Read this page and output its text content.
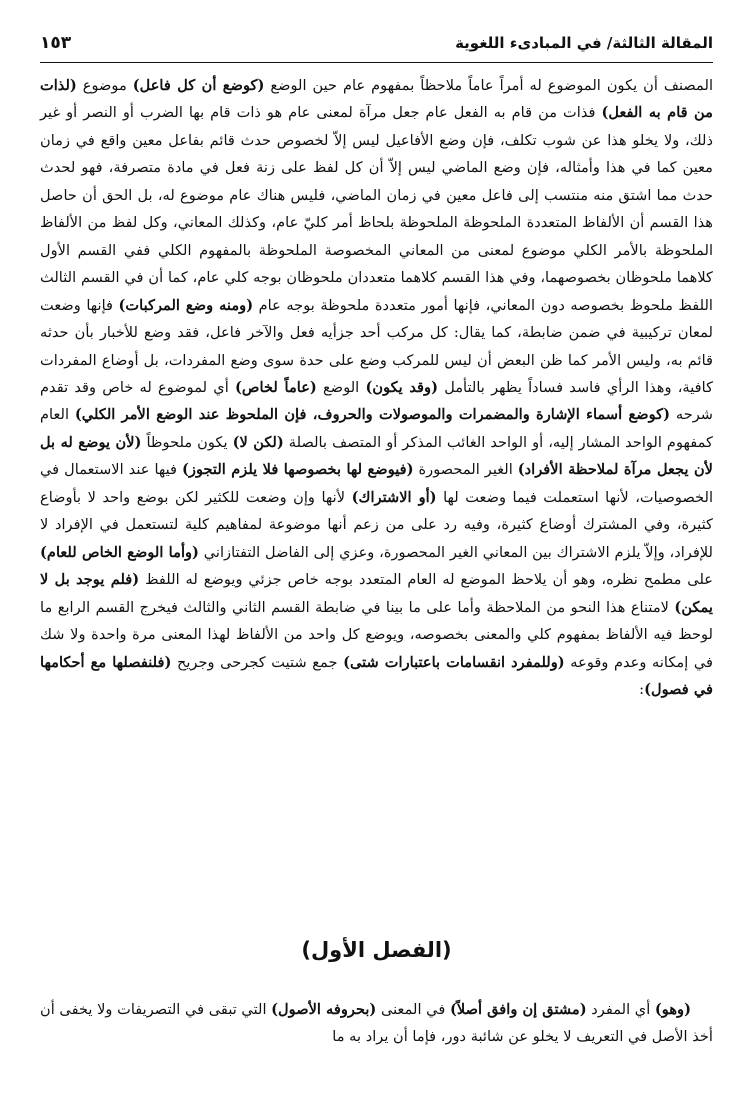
المقالة الثالثة/ في المبادىء اللغوية
١٥٣

المصنف أن يكون الموضوع له أمراً عاماً ملاحظاً بمفهوم عام حين الوضع (كوضع أن كل فاعل) موضوع (لذات من قام به الفعل) فذات من قام به الفعل عام جعل مرآة لمعنى عام هو ذات قام بها الضرب أو النصر أو غير ذلك، ولا يخلو هذا عن شوب تكلف، فإن وضع الأفاعيل ليس إلاّ لخصوص حدث قائم بفاعل معين واقع في زمان معين كما في هذا وأمثاله، فإن وضع الماضي ليس إلاّ أن كل لفظ على زنة فعل في مادة متصرفة، فهو لحدث حدث مما اشتق منه منتسب إلى فاعل معين في زمان الماضي، فليس هناك عام موضوع له، بل الحق أن حاصل هذا القسم أن الألفاظ المتعددة الملحوظة الملحوظة بلحاظ أمر كليّ عام، وكذلك المعاني، وكل لفظ من الألفاظ الملحوظة بالأمر الكلي موضوع لمعنى من المعاني المخصوصة الملحوظة بالمفهوم الكلي ففي القسم الأول كلاهما ملحوظان بخصوصهما، وفي هذا القسم كلاهما متعددان ملحوظان بوجه كلي عام، كما أن في القسم الثالث اللفظ ملحوظ بخصوصه دون المعاني، فإنها أمور متعددة ملحوظة بوجه عام (ومنه وضع المركبات) فإنها وضعت لمعان تركيبية في ضمن ضابطة، كما يقال: كل مركب أحد جزأيه فعل والآخر فاعل، فقد وضع للأخبار بأن حدثه قائم به، وليس الأمر كما ظن البعض أن ليس للمركب وضع على حدة سوى وضع المفردات، بل أوضاع المفردات كافية، وهذا الرأي فاسد فساداً يظهر بالتأمل (وقد يكون) الوضع (عاماً لخاص) أي لموضوع له خاص وقد تقدم شرحه (كوضع أسماء الإشارة والمضمرات والموصولات والحروف، فإن الملحوظ عند الوضع الأمر الكلي) العام كمفهوم الواحد المشار إليه، أو الواحد الغائب المذكر أو المتصف بالصلة (لكن لا) يكون ملحوظاً (لأن يوضع له بل لأن يجعل مرآة لملاحظة الأفراد) الغير المحصورة (فيوضع لها بخصوصها فلا يلزم التجوز) فيها عند الاستعمال في الخصوصيات، لأنها استعملت فيما وضعت لها (أو الاشتراك) لأنها وإن وضعت للكثير لكن بوضع واحد لا بأوضاع كثيرة، وفي المشترك أوضاع كثيرة، وفيه رد على من زعم أنها موضوعة لمفاهيم كلية لتستعمل في الإفراد لا للإفراد، وإلاّ يلزم الاشتراك بين المعاني الغير المحصورة، وعزي إلى الفاضل التفتازاني (وأما الوضع الخاص للعام) على مطمح نظره، وهو أن يلاحظ الموضع له العام المتعدد بوجه خاص جزئي ويوضع له اللفظ (فلم يوجد بل لا يمكن) لامتناع هذا النحو من الملاحظة وأما على ما بينا في ضابطة القسم الثاني والثالث فيخرج القسم الرابع ما لوحظ فيه الألفاظ بمفهوم كلي والمعنى بخصوصه، ويوضع كل واحد من الألفاظ لهذا المعنى مرة واحدة ولا شك في إمكانه وعدم وقوعه (وللمفرد انقسامات باعتبارات شتى) جمع شتيت كجرحى وجريح (فلنفصلها مع أحكامها في فصول):

(الفصل الأول)

(وهو) أي المفرد (مشتق إن وافق أصلاً) في المعنى (بحروفه الأصول) التي تبقى في التصريفات ولا يخفى أن أخذ الأصل في التعريف لا يخلو عن شائبة دور، فإما أن يراد به ما
